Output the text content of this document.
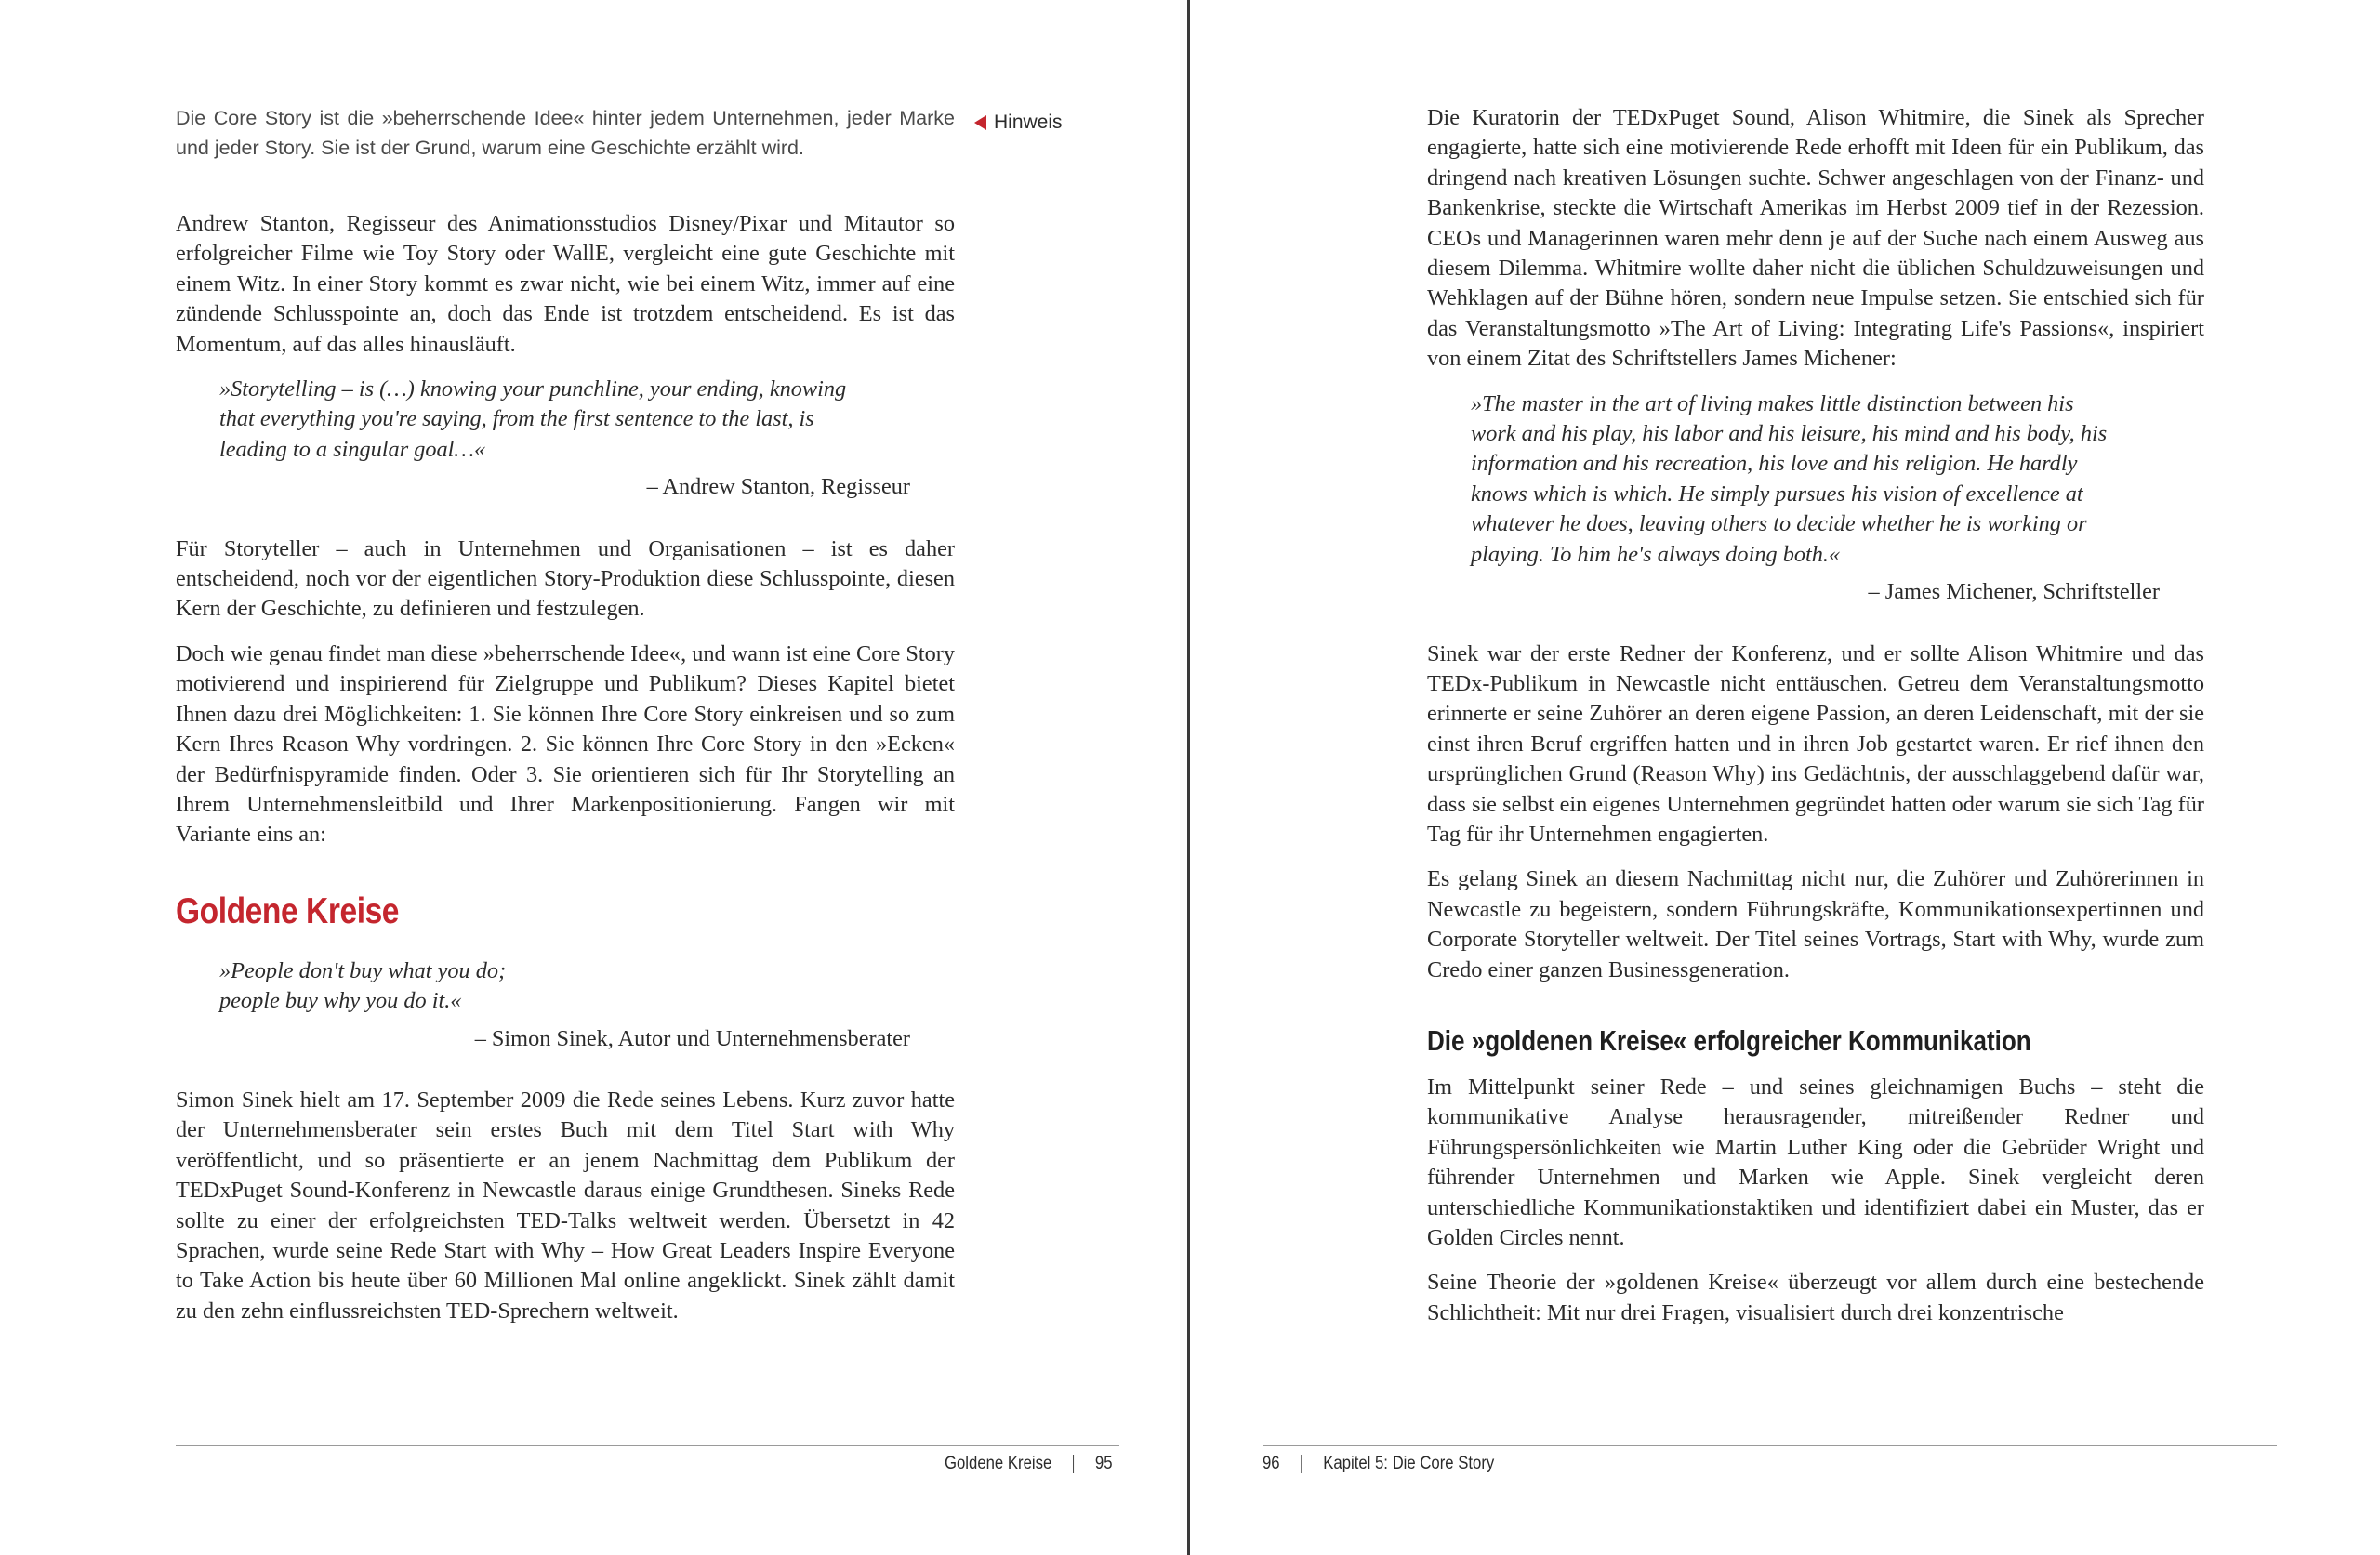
Hinweis

Die Core Story ist die »beherrschende Idee« hinter jedem Unternehmen, jeder Marke und jeder Story. Sie ist der Grund, warum eine Geschichte erzählt wird.

Andrew Stanton, Regisseur des Animationsstudios Disney/Pixar und Mitautor so erfolgreicher Filme wie Toy Story oder WallE, vergleicht eine gute Geschichte mit einem Witz. In einer Story kommt es zwar nicht, wie bei einem Witz, immer auf eine zündende Schlusspointe an, doch das Ende ist trotzdem entscheidend. Es ist das Momentum, auf das alles hinausläuft.

»Storytelling – is (…) knowing your punchline, your ending, knowing
that everything you're saying, from the first sentence to the last, is
leading to a singular goal…«
– Andrew Stanton, Regisseur

Für Storyteller – auch in Unternehmen und Organisationen – ist es daher entscheidend, noch vor der eigentlichen Story-Produktion diese Schlusspointe, diesen Kern der Geschichte, zu definieren und festzulegen.

Doch wie genau findet man diese »beherrschende Idee«, und wann ist eine Core Story motivierend und inspirierend für Zielgruppe und Publikum? Dieses Kapitel bietet Ihnen dazu drei Möglichkeiten: 1. Sie können Ihre Core Story einkreisen und so zum Kern Ihres Reason Why vordringen. 2. Sie können Ihre Core Story in den »Ecken« der Bedürfnispyramide finden. Oder 3. Sie orientieren sich für Ihr Storytelling an Ihrem Unternehmensleitbild und Ihrer Markenpositionierung. Fangen wir mit Variante eins an:

Goldene Kreise
»People don't buy what you do;
people buy why you do it.«
– Simon Sinek, Autor und Unternehmensberater

Simon Sinek hielt am 17. September 2009 die Rede seines Lebens. Kurz zuvor hatte der Unternehmensberater sein erstes Buch mit dem Titel Start with Why veröffentlicht, und so präsentierte er an jenem Nachmittag dem Publikum der TEDxPuget Sound-Konferenz in Newcastle daraus einige Grundthesen. Sineks Rede sollte zu einer der erfolgreichsten TED-Talks weltweit werden. Übersetzt in 42 Sprachen, wurde seine Rede Start with Why – How Great Leaders Inspire Everyone to Take Action bis heute über 60 Millionen Mal online angeklickt. Sinek zählt damit zu den zehn einflussreichsten TED-Sprechern weltweit.

Goldene Kreise 95

Die Kuratorin der TEDxPuget Sound, Alison Whitmire, die Sinek als Sprecher engagierte, hatte sich eine motivierende Rede erhofft mit Ideen für ein Publikum, das dringend nach kreativen Lösungen suchte. Schwer angeschlagen von der Finanz- und Bankenkrise, steckte die Wirtschaft Amerikas im Herbst 2009 tief in der Rezession. CEOs und Managerinnen waren mehr denn je auf der Suche nach einem Ausweg aus diesem Dilemma. Whitmire wollte daher nicht die üblichen Schuldzuweisungen und Wehklagen auf der Bühne hören, sondern neue Impulse setzen. Sie entschied sich für das Veranstaltungsmotto »The Art of Living: Integrating Life's Passions«, inspiriert von einem Zitat des Schriftstellers James Michener:

»The master in the art of living makes little distinction between his
work and his play, his labor and his leisure, his mind and his body, his
information and his recreation, his love and his religion. He hardly
knows which is which. He simply pursues his vision of excellence at
whatever he does, leaving others to decide whether he is working or
playing. To him he's always doing both.«
– James Michener, Schriftsteller

Sinek war der erste Redner der Konferenz, und er sollte Alison Whitmire und das TEDx-Publikum in Newcastle nicht enttäuschen. Getreu dem Veranstaltungsmotto erinnerte er seine Zuhörer an deren eigene Passion, an deren Leidenschaft, mit der sie einst ihren Beruf ergriffen hatten und in ihren Job gestartet waren. Er rief ihnen den ursprünglichen Grund (Reason Why) ins Gedächtnis, der ausschlaggebend dafür war, dass sie selbst ein eigenes Unternehmen gegründet hatten oder warum sie sich Tag für Tag für ihr Unternehmen engagierten.

Es gelang Sinek an diesem Nachmittag nicht nur, die Zuhörer und Zuhörerinnen in Newcastle zu begeistern, sondern Führungskräfte, Kommunikationsexpertinnen und Corporate Storyteller weltweit. Der Titel seines Vortrags, Start with Why, wurde zum Credo einer ganzen Businessgeneration.

Die »goldenen Kreise« erfolgreicher Kommunikation

Im Mittelpunkt seiner Rede – und seines gleichnamigen Buchs – steht die kommunikative Analyse herausragender, mitreißender Redner und Führungspersönlichkeiten wie Martin Luther King oder die Gebrüder Wright und führender Unternehmen und Marken wie Apple. Sinek vergleicht deren unterschiedliche Kommunikationstaktiken und identifiziert dabei ein Muster, das er Golden Circles nennt.

Seine Theorie der »goldenen Kreise« überzeugt vor allem durch eine bestechende Schlichtheit: Mit nur drei Fragen, visualisiert durch drei konzentrische

96 Kapitel 5: Die Core Story
